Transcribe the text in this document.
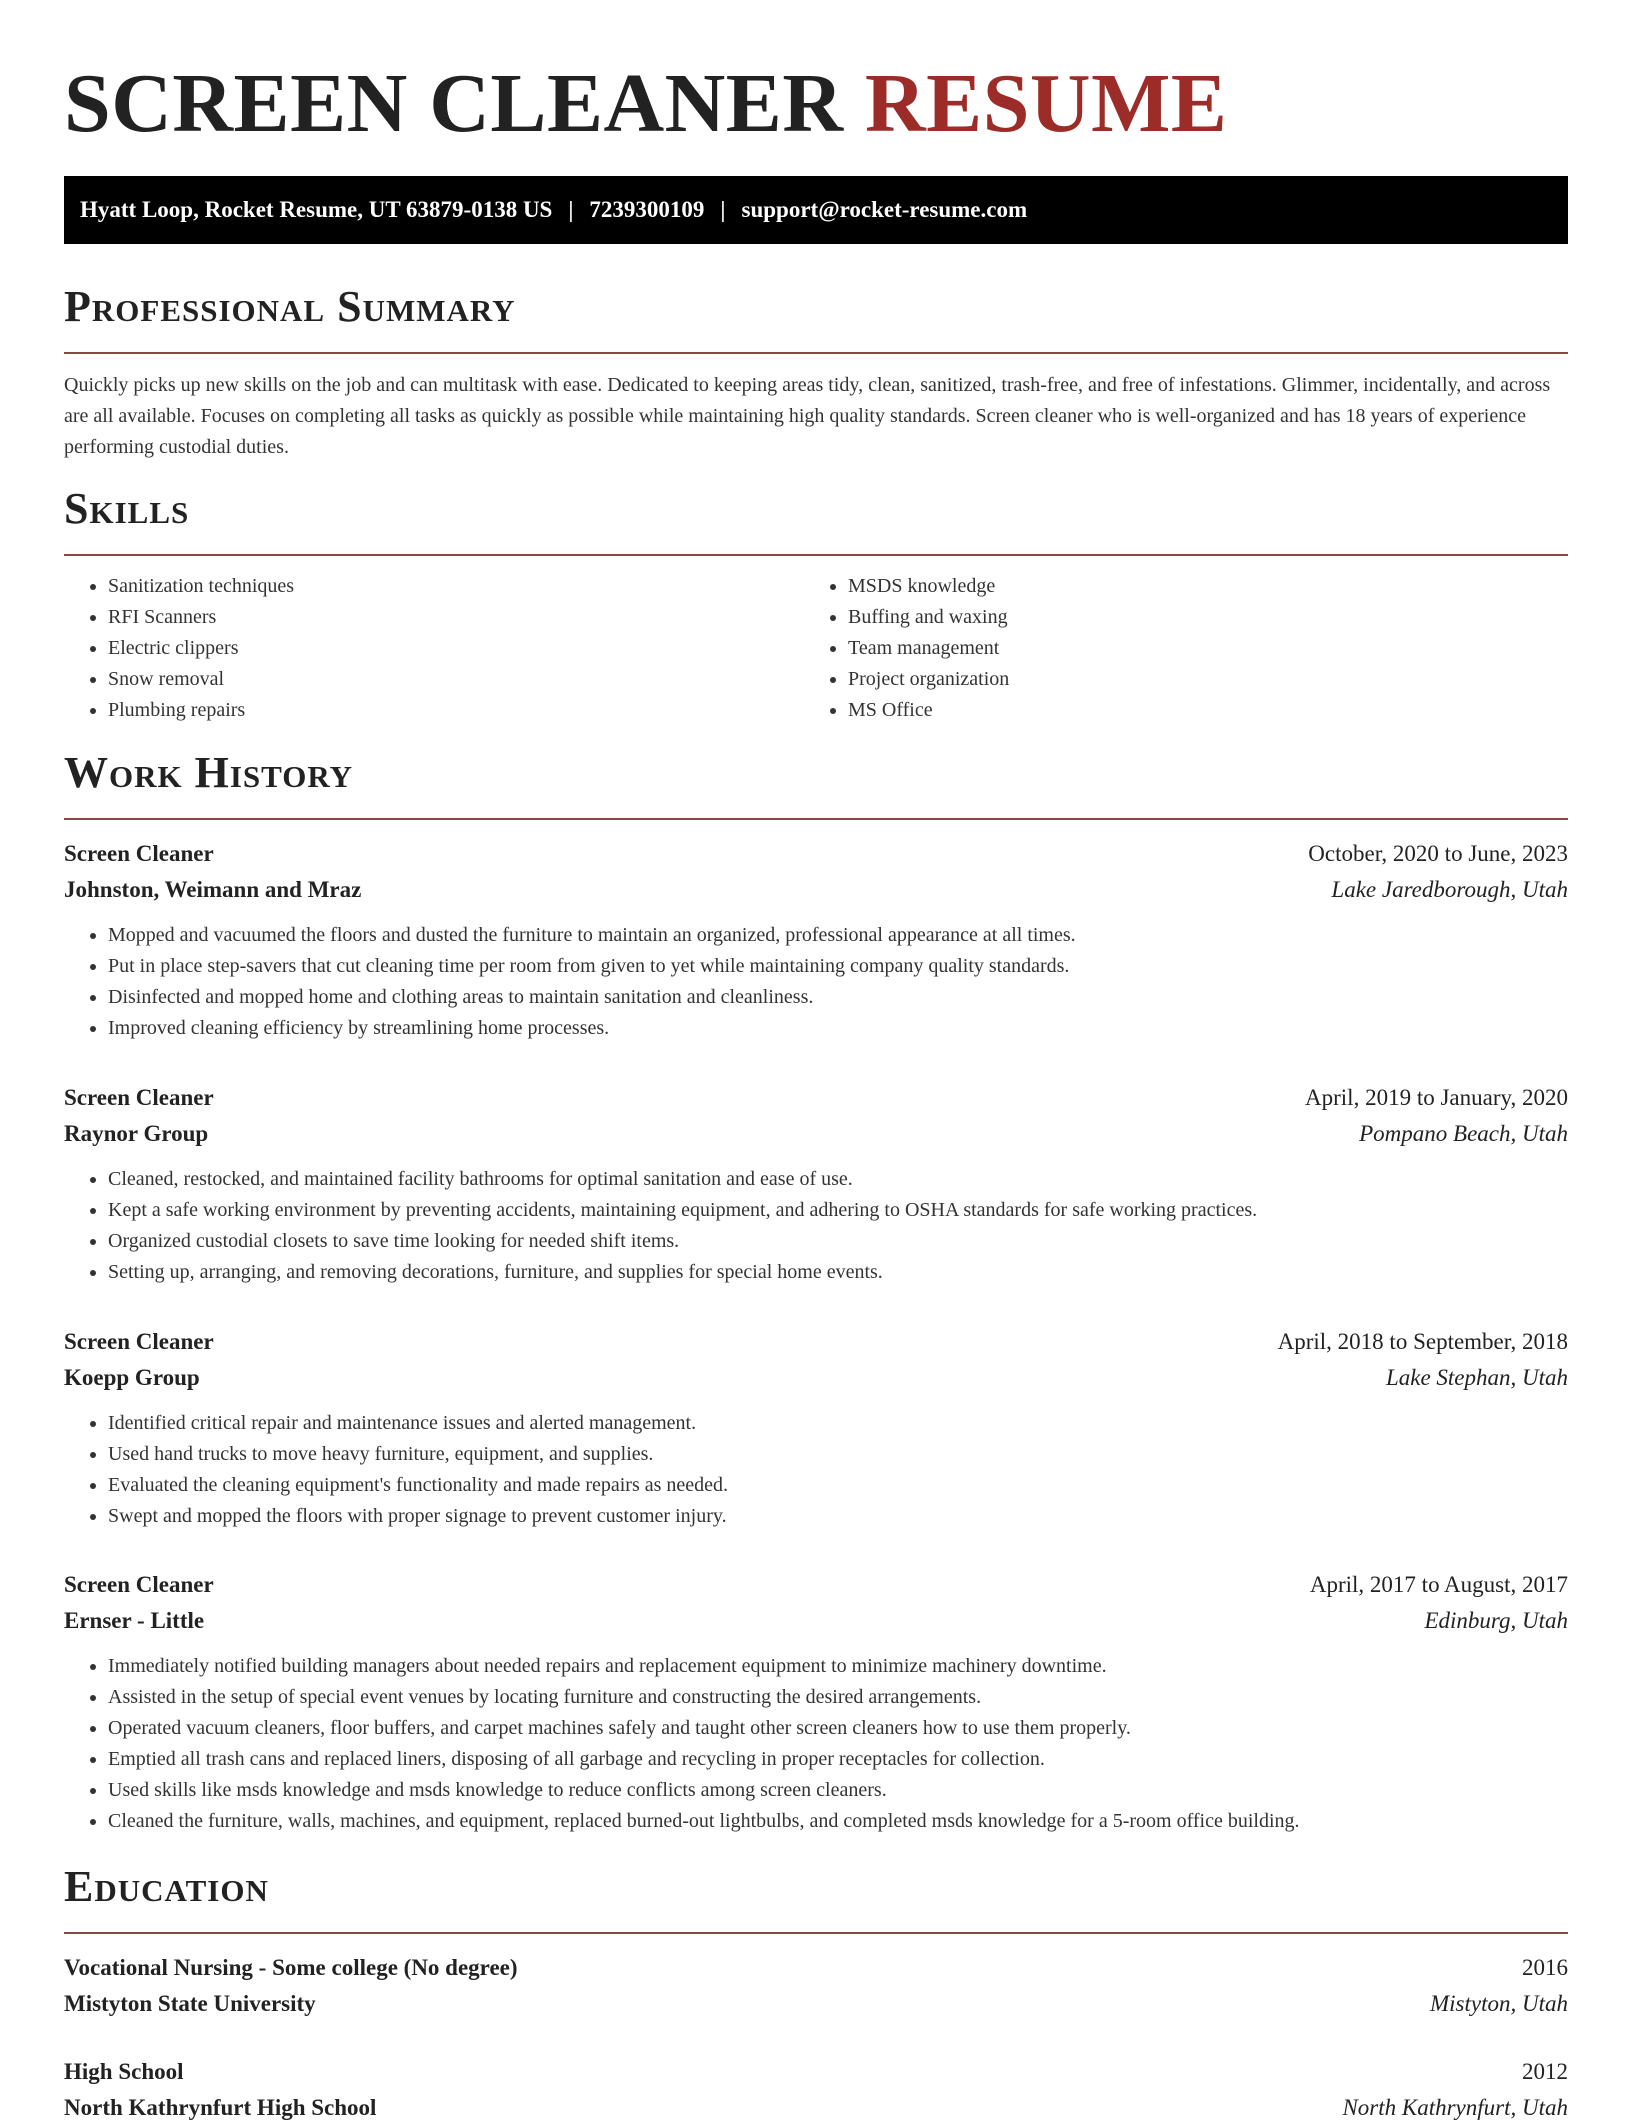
SCREEN CLEANER RESUME
Hyatt Loop, Rocket Resume, UT 63879-0138 US | 7239300109 | support@rocket-resume.com
Professional Summary

Quickly picks up new skills on the job and can multitask with ease. Dedicated to keeping areas tidy, clean, sanitized, trash-free, and free of infestations. Glimmer, incidentally, and across are all available. Focuses on completing all tasks as quickly as possible while maintaining high quality standards. Screen cleaner who is well-organized and has 18 years of experience performing custodial duties.

Skills
• Sanitization techniques
• RFI Scanners
• Electric clippers
• Snow removal
• Plumbing repairs
• MSDS knowledge
• Buffing and waxing
• Team management
• Project organization
• MS Office
Work History
Screen Cleaner	October, 2020 to June, 2023
Johnston, Weimann and Mraz	Lake Jaredborough, Utah
• Mopped and vacuumed the floors and dusted the furniture to maintain an organized, professional appearance at all times.
• Put in place step-savers that cut cleaning time per room from given to yet while maintaining company quality standards.
• Disinfected and mopped home and clothing areas to maintain sanitation and cleanliness.
• Improved cleaning efficiency by streamlining home processes.
Screen Cleaner	April, 2019 to January, 2020
Raynor Group	Pompano Beach, Utah
• Cleaned, restocked, and maintained facility bathrooms for optimal sanitation and ease of use.
• Kept a safe working environment by preventing accidents, maintaining equipment, and adhering to OSHA standards for safe working practices.
• Organized custodial closets to save time looking for needed shift items.
• Setting up, arranging, and removing decorations, furniture, and supplies for special home events.
Screen Cleaner	April, 2018 to September, 2018
Koepp Group	Lake Stephan, Utah
• Identified critical repair and maintenance issues and alerted management.
• Used hand trucks to move heavy furniture, equipment, and supplies.
• Evaluated the cleaning equipment's functionality and made repairs as needed.
• Swept and mopped the floors with proper signage to prevent customer injury.
Screen Cleaner	April, 2017 to August, 2017
Ernser - Little	Edinburg, Utah
• Immediately notified building managers about needed repairs and replacement equipment to minimize machinery downtime.
• Assisted in the setup of special event venues by locating furniture and constructing the desired arrangements.
• Operated vacuum cleaners, floor buffers, and carpet machines safely and taught other screen cleaners how to use them properly.
• Emptied all trash cans and replaced liners, disposing of all garbage and recycling in proper receptacles for collection.
• Used skills like msds knowledge and msds knowledge to reduce conflicts among screen cleaners.
• Cleaned the furniture, walls, machines, and equipment, replaced burned-out lightbulbs, and completed msds knowledge for a 5-room office building.
Education
Vocational Nursing - Some college (No degree)	2016
Mistyton State University	Mistyton, Utah
High School	2012
North Kathrynfurt High School	North Kathrynfurt, Utah
